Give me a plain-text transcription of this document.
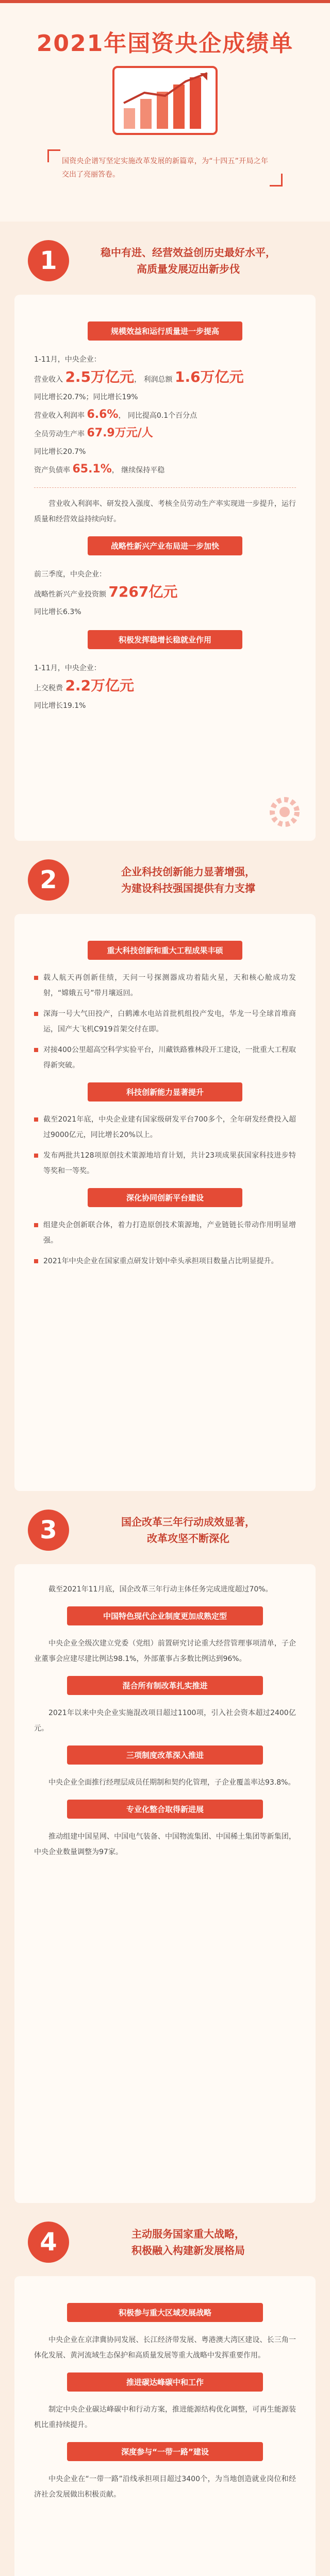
2021年国资央企成绩单
国资央企谱写坚定实施改革发展的新篇章，为“十四五”开局之年交出了亮丽答卷。
1	稳中有进、经营效益创历史最好水平，
高质量发展迈出新步伐
规模效益和运行质量进一步提高
1-11月，中央企业：
营业收入 2.5万亿元， 利润总额 1.6万亿元
同比增长20.7%；同比增长19%
营业收入利润率 6.6%， 同比提高0.1个百分点
全员劳动生产率 67.9万元/人
同比增长20.7%
资产负债率 65.1%， 继续保持平稳

营业收入利润率、研发投入强度、考核全员劳动生产率实现进一步提升，运行质量和经营效益持续向好。

战略性新兴产业布局进一步加快
前三季度，中央企业：
战略性新兴产业投资额 7267亿元
同比增长6.3%
积极发挥稳增长稳就业作用
1-11月，中央企业：
上交税费 2.2万亿元
同比增长19.1%
2	企业科技创新能力显著增强，
为建设科技强国提供有力支撑
重大科技创新和重大工程成果丰硕
载人航天再创新佳绩，天问一号探测器成功着陆火星，天和核心舱成功发射，“嫦娥五号”带月壤返回。
深海一号大气田投产，白鹤滩水电站首批机组投产发电，华龙一号全球首堆商运，国产大飞机C919首架交付在即。
对接400公里超高空科学实验平台，川藏铁路雅林段开工建设，一批重大工程取得新突破。
科技创新能力显著提升
截至2021年底，中央企业建有国家级研发平台700多个，全年研发经费投入超过9000亿元，同比增长20%以上。
发布两批共128项原创技术策源地培育计划，共计23项成果获国家科技进步特等奖和一等奖。
深化协同创新平台建设
组建央企创新联合体，着力打造原创技术策源地，产业链链长带动作用明显增强。
2021年中央企业在国家重点研发计划中牵头承担项目数量占比明显提升。
3	国企改革三年行动成效显著，
改革攻坚不断深化

截至2021年11月底，国企改革三年行动主体任务完成进度超过70%。

中国特色现代企业制度更加成熟定型

中央企业全级次建立党委（党组）前置研究讨论重大经营管理事项清单，子企业董事会应建尽建比例达98.1%，外部董事占多数比例达到96%。

混合所有制改革扎实推进

2021年以来中央企业实施混改项目超过1100项，引入社会资本超过2400亿元。

三项制度改革深入推进

中央企业全面推行经理层成员任期制和契约化管理，子企业覆盖率达93.8%。

专业化整合取得新进展

推动组建中国星网、中国电气装备、中国物流集团、中国稀土集团等新集团，中央企业数量调整为97家。

4	主动服务国家重大战略，
积极融入构建新发展格局
积极参与重大区域发展战略

中央企业在京津冀协同发展、长江经济带发展、粤港澳大湾区建设、长三角一体化发展、黄河流域生态保护和高质量发展等重大战略中发挥重要作用。

推进碳达峰碳中和工作

制定中央企业碳达峰碳中和行动方案，推进能源结构优化调整，可再生能源装机比重持续提升。

深度参与“一带一路”建设

中央企业在“一带一路”沿线承担项目超过3400个，为当地创造就业岗位和经济社会发展做出积极贡献。
